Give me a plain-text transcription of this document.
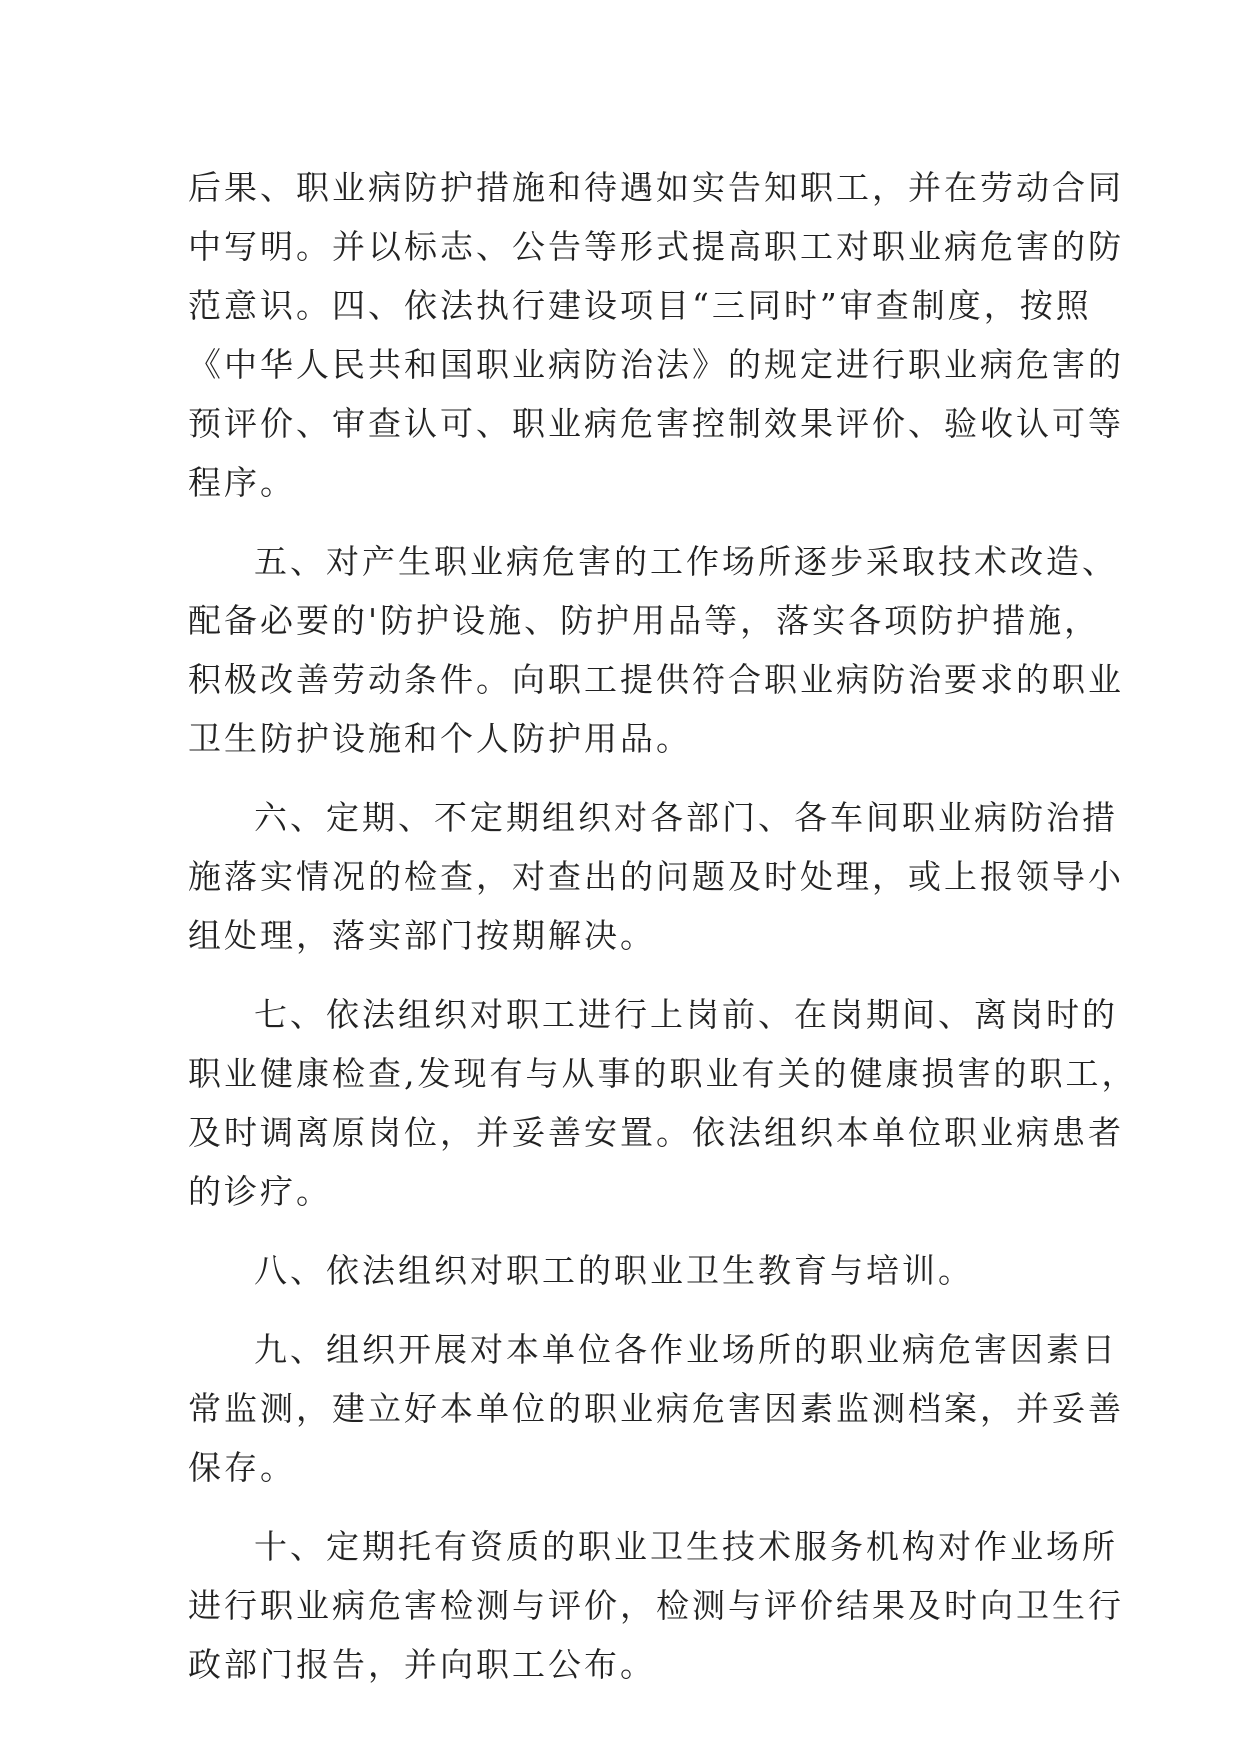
后果、职业病防护措施和待遇如实告知职工，并在劳动合同
中写明。并以标志、公告等形式提高职工对职业病危害的防
范意识。四、依法执行建设项目“三同时”审查制度，按照
《中华人民共和国职业病防治法》的规定进行职业病危害的
预评价、审查认可、职业病危害控制效果评价、验收认可等
程序。

五、对产生职业病危害的工作场所逐步采取技术改造、
配备必要的'防护设施、防护用品等，落实各项防护措施，
积极改善劳动条件。向职工提供符合职业病防治要求的职业
卫生防护设施和个人防护用品。

六、定期、不定期组织对各部门、各车间职业病防治措
施落实情况的检查，对查出的问题及时处理，或上报领导小
组处理，落实部门按期解决。

七、依法组织对职工进行上岗前、在岗期间、离岗时的
职业健康检查,发现有与从事的职业有关的健康损害的职工，
及时调离原岗位，并妥善安置。依法组织本单位职业病患者
的诊疗。

八、依法组织对职工的职业卫生教育与培训。

九、组织开展对本单位各作业场所的职业病危害因素日
常监测，建立好本单位的职业病危害因素监测档案，并妥善
保存。

十、定期托有资质的职业卫生技术服务机构对作业场所
进行职业病危害检测与评价，检测与评价结果及时向卫生行
政部门报告，并向职工公布。
